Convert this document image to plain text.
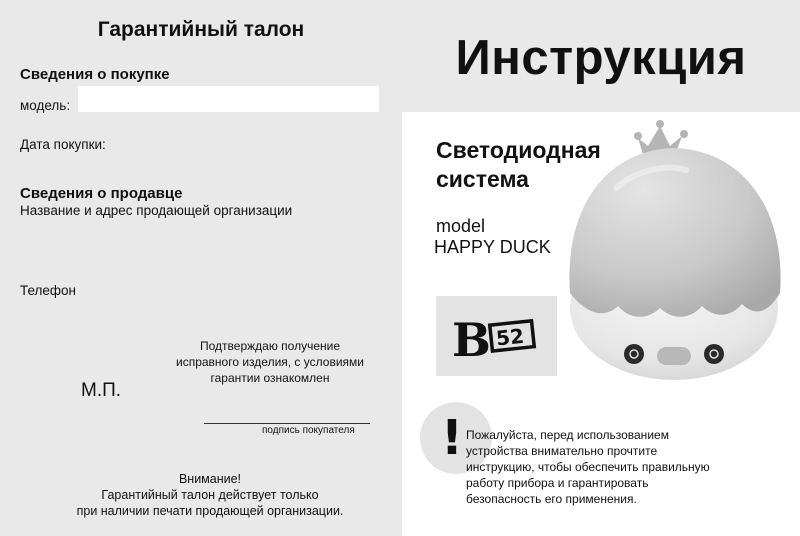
Гарантийный талон
Сведения о покупке
модель:
Дата покупки:
Сведения о продавце
Название и адрес продающей организации
Телефон
Подтверждаю получение
исправного изделия, с условиями
гарантии ознакомлен
М.П.
подпись покупателя
Внимание!
Гарантийный талон действует только
при наличии печати продающей организации.
Инструкция
Светодиодная
система
model
HAPPY DUCK
B 52
! Пожалуйста, перед использованием
устройства внимательно прочтите
инструкцию, чтобы обеспечить правильную
работу прибора и гарантировать
безопасность его применения.
